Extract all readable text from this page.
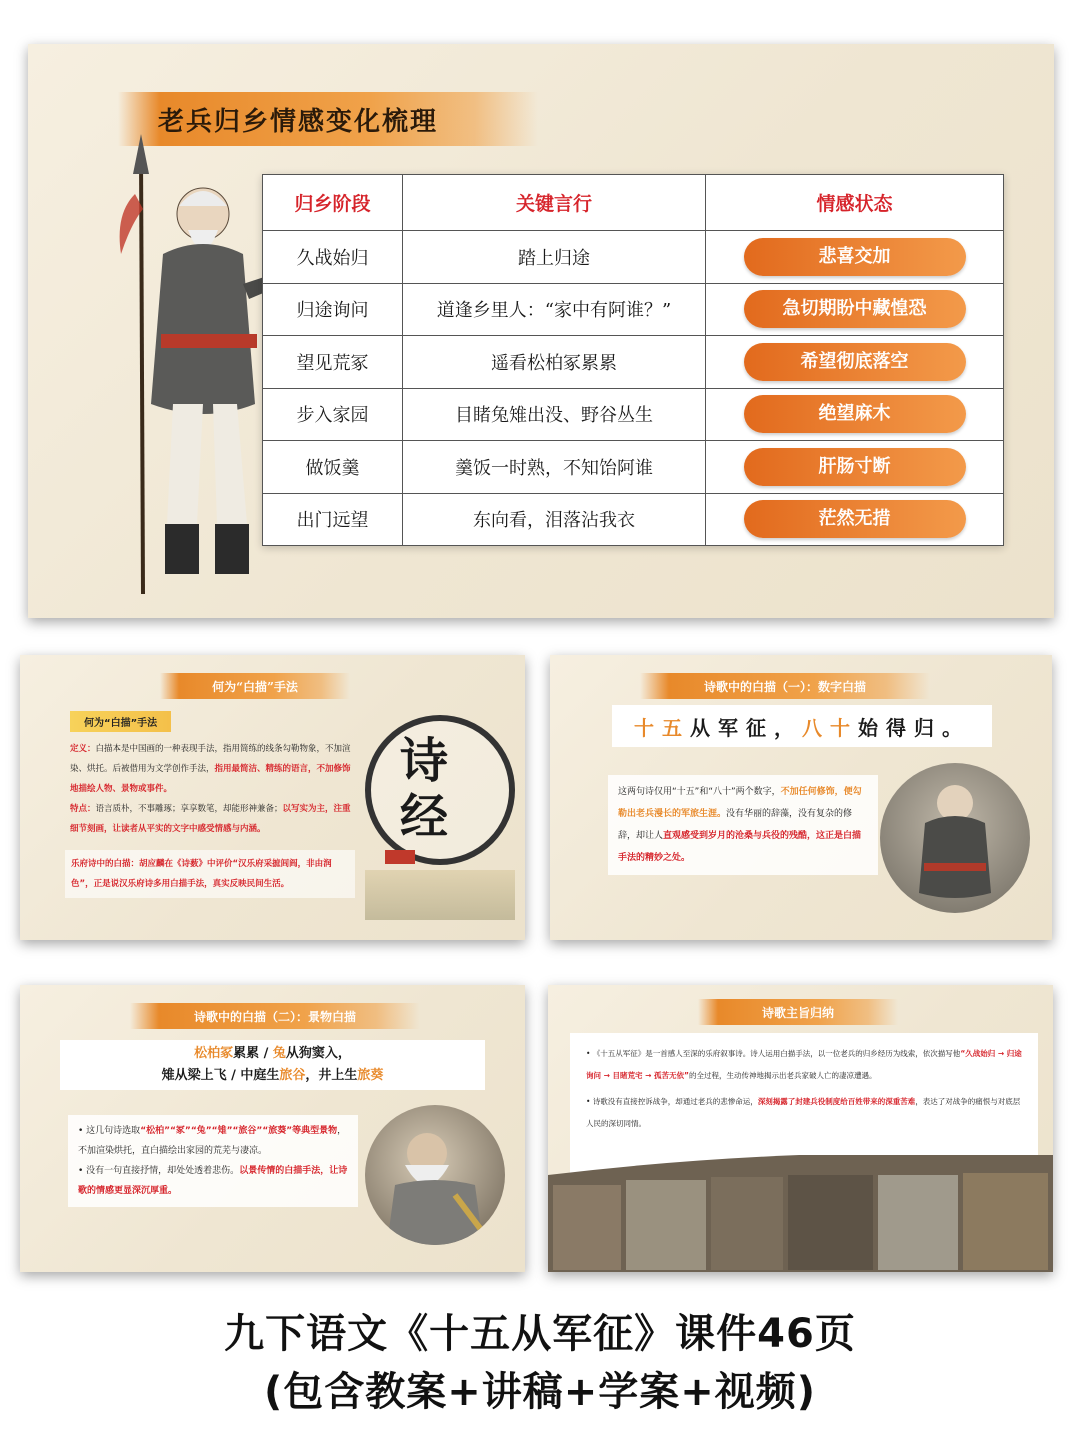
老兵归乡情感变化梳理
归乡阶段	关键言行	情感状态
久战始归	踏上归途	悲喜交加
归途询问	道逢乡里人：“家中有阿谁？”	急切期盼中藏惶恐
望见荒冢	遥看松柏冢累累	希望彻底落空
步入家园	目睹兔雉出没、野谷丛生	绝望麻木
做饭羹	羹饭一时熟，不知饴阿谁	肝肠寸断
出门远望	东向看，泪落沾我衣	茫然无措
何为“白描”手法
何为“白描”手法
定义：白描本是中国画的一种表现手法，指用简练的线条勾勒物象，不加渲染、烘托。后被借用为文学创作手法，指用最简洁、精练的语言，不加修饰地描绘人物、景物或事件。
特点：语言质朴，不事雕琢；享享数笔，却能形神兼备；以写实为主，注重细节刻画，让读者从平实的文字中感受情感与内涵。
乐府诗中的白描：胡应麟在《诗薮》中评价“汉乐府采摭闾阎，非由润色”，正是说汉乐府诗多用白描手法，真实反映民间生活。
诗
经
诗歌中的白描（一）：数字白描
十五 从军征， 八十 始得归。
这两句诗仅用“十五”和“八十”两个数字，不加任何修饰，便勾勒出老兵漫长的军旅生涯。没有华丽的辞藻，没有复杂的修辞，却让人直观感受到岁月的沧桑与兵役的残酷，这正是白描手法的精妙之处。
诗歌中的白描（二）：景物白描
松柏冢累累 / 兔从狗窦入，
雉从梁上飞 / 中庭生旅谷，井上生旅葵
• 这几句诗选取“松柏”“冢”“兔”“雉”“旅谷”“旅葵”等典型景物，不加渲染烘托，直白描绘出家园的荒芜与凄凉。
• 没有一句直接抒情，却处处透着悲伤。以景传情的白描手法，让诗歌的情感更显深沉厚重。
诗歌主旨归纳
• 《十五从军征》是一首感人至深的乐府叙事诗。诗人运用白描手法，以一位老兵的归乡经历为线索，依次描写他“久战始归 → 归途询问 → 目睹荒宅 → 孤苦无依”的全过程，生动传神地揭示出老兵家破人亡的凄凉遭遇。
• 诗歌没有直接控诉战争，却通过老兵的悲惨命运，深刻揭露了封建兵役制度给百姓带来的深重苦难，表达了对战争的痛恨与对底层人民的深切同情。
九下语文《十五从军征》课件46页
(包含教案+讲稿+学案+视频)
